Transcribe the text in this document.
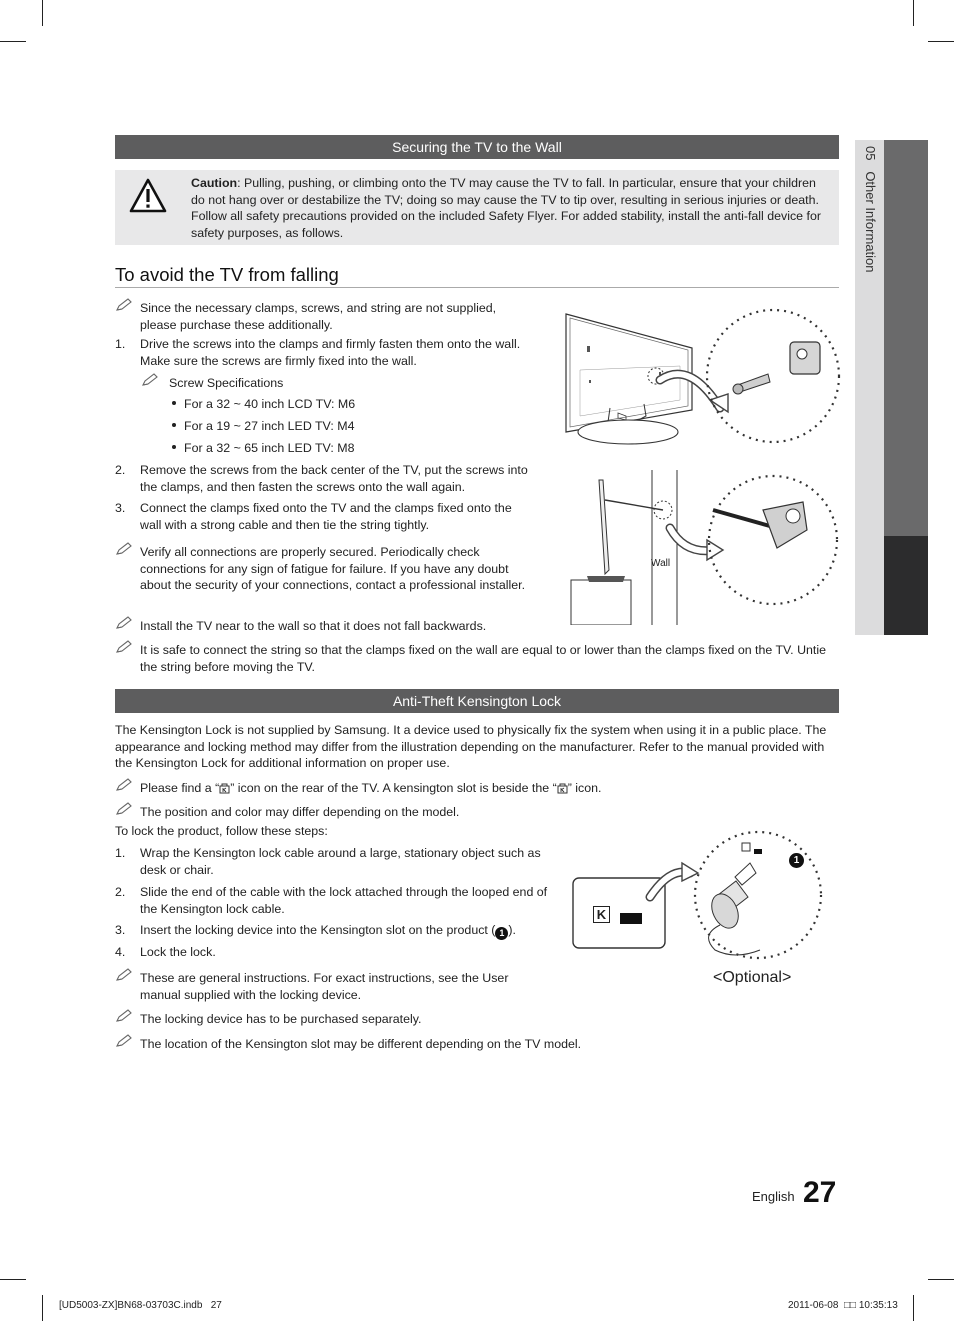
05   Other Information
Securing the TV to the Wall
Caution: Pulling, pushing, or climbing onto the TV may cause the TV to fall. In particular, ensure that your children do not hang over or destabilize the TV; doing so may cause the TV to tip over, resulting in serious injuries or death. Follow all safety precautions provided on the included Safety Flyer. For added stability, install the anti-fall device for safety purposes, as follows.
To avoid the TV from falling
Since the necessary clamps, screws, and string are not supplied, please purchase these additionally.
1. Drive the screws into the clamps and firmly fasten them onto the wall. Make sure the screws are firmly fixed into the wall.
Screw Specifications
For a 32 ~ 40 inch LCD TV: M6
For a 19 ~ 27 inch LED TV: M4
For a 32 ~ 65 inch LED TV: M8
2. Remove the screws from the back center of the TV, put the screws into the clamps, and then fasten the screws onto the wall again.
3. Connect the clamps fixed onto the TV and the clamps fixed onto the wall with a strong cable and then tie the string tightly.
Verify all connections are properly secured. Periodically check connections for any sign of fatigue for failure. If you have any doubt about the security of your connections, contact a professional installer.
Install the TV near to the wall so that it does not fall backwards.
It is safe to connect the string so that the clamps fixed on the wall are equal to or lower than the clamps fixed on the TV. Untie the string before moving the TV.
Wall
Anti-Theft Kensington Lock
The Kensington Lock is not supplied by Samsung. It a device used to physically fix the system when using it in a public place. The appearance and locking method may differ from the illustration depending on the manufacturer. Refer to the manual provided with the Kensington Lock for additional information on proper use.
Please find a “ ” icon on the rear of the TV. A kensington slot is beside the “ ” icon.
The position and color may differ depending on the model.
To lock the product, follow these steps:
1. Wrap the Kensington lock cable around a large, stationary object such as desk or chair.
2. Slide the end of the cable with the lock attached through the looped end of the Kensington lock cable.
3. Insert the locking device into the Kensington slot on the product ( 1 ).
4. Lock the lock.
These are general instructions. For exact instructions, see the User manual supplied with the locking device.
The locking device has to be purchased separately.
The location of the Kensington slot may be different depending on the TV model.
K
1
<Optional>
English 27
[UD5003-ZX]BN68-03703C.indb   27	2011-06-08  □□ 10:35:13
